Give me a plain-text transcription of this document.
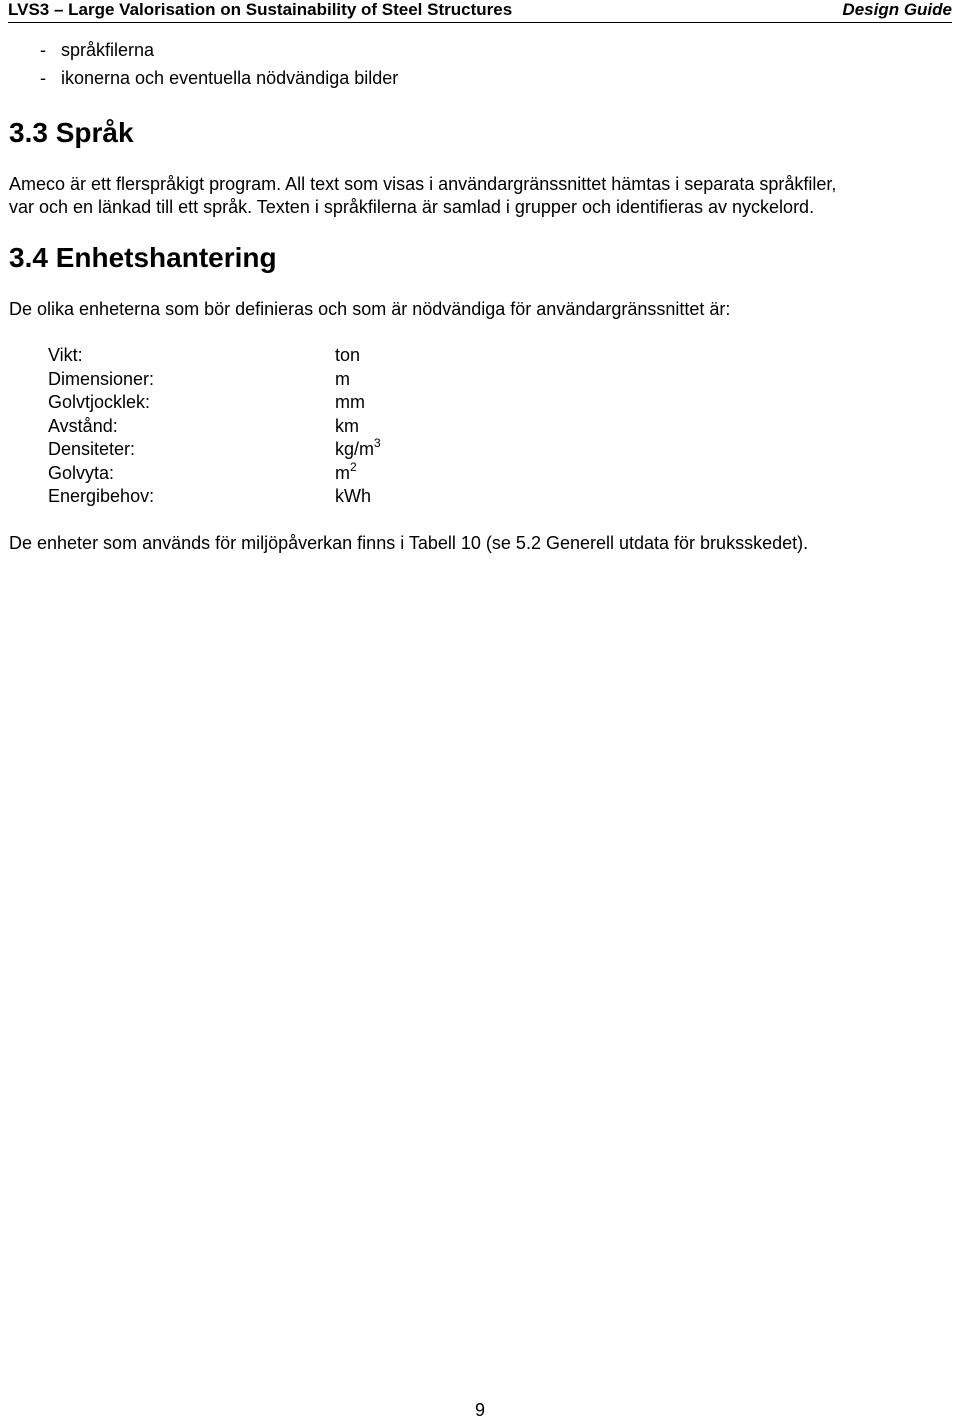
LVS3 – Large Valorisation on Sustainability of Steel Structures	Design Guide
- språkfilerna
- ikonerna och eventuella nödvändiga bilder
3.3 Språk
Ameco är ett flerspråkigt program. All text som visas i användargränssnittet hämtas i separata språkfiler,
var och en länkad till ett språk. Texten i språkfilerna är samlad i grupper och identifieras av nyckelord.
3.4 Enhetshantering
De olika enheterna som bör definieras och som är nödvändiga för användargränssnittet är:
Vikt:	ton
Dimensioner:	m
Golvtjocklek:	mm
Avstånd:	km
Densiteter:	$kg/m^3$
Golvyta:	$m^2$
Energibehov:	kWh
De enheter som används för miljöpåverkan finns i Tabell 10 (se 5.2 Generell utdata för bruksskedet).
9
